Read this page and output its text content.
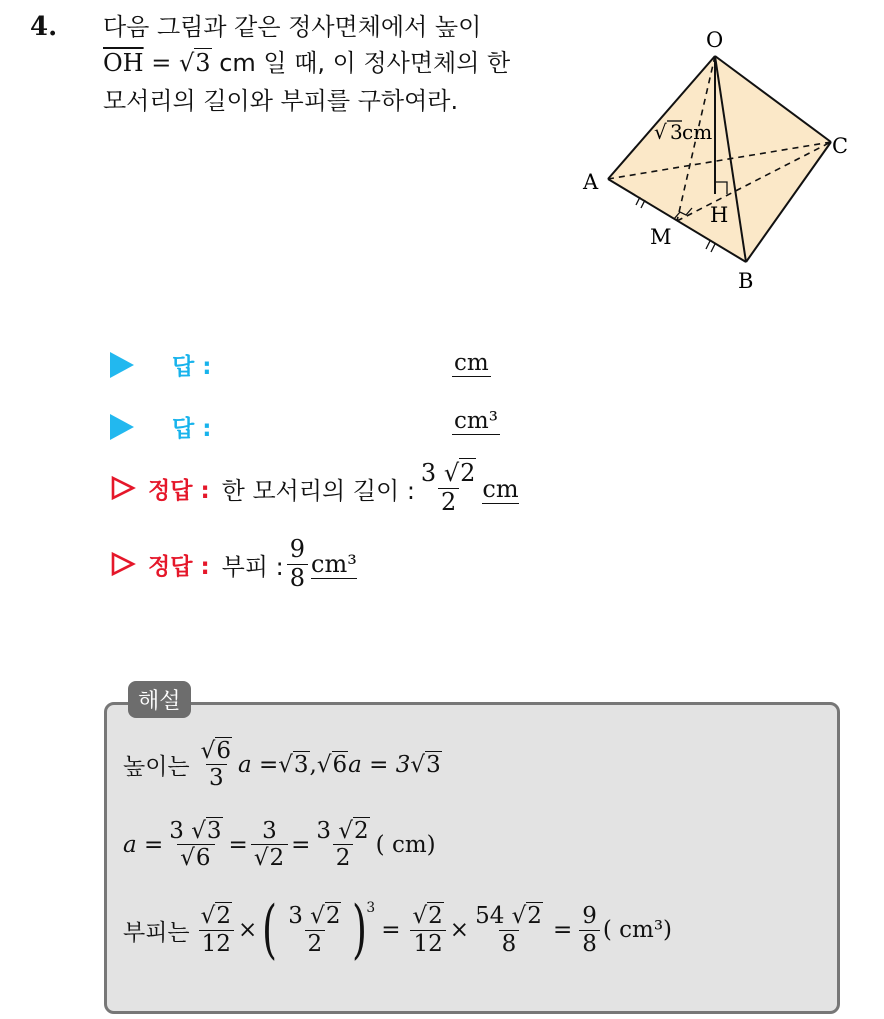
4. 다음 그림과 같은 정사면체에서 높이
$\overline{OH} = √3$ cm 일 때, 이 정사면체의 한
모서리의 길이와 부피를 구하여라.
O
A
B
C
H
M
√ 3 cm
답 :	cm
답 :	cm³
정답 : 한 모서리의 길이 : $\frac{3 √2}{2}$ cm
정답 : 부피 : $\frac{9}{8} cm^3$
해설
높이는 $\frac{√6}{3}$ a = √3 , √6 a = 3 √3
$a = \frac{3 √3}{√6} = \frac{3}{√2} = \frac{3 √2}{2}$ ( cm)
부피는 $\frac{√2}{12}$ × ( $\frac{3 √2}{2}$ )
3
= $\frac{√2}{12} \times \frac{54 √2}{8} = \frac{9}{8}$ ( cm³)
